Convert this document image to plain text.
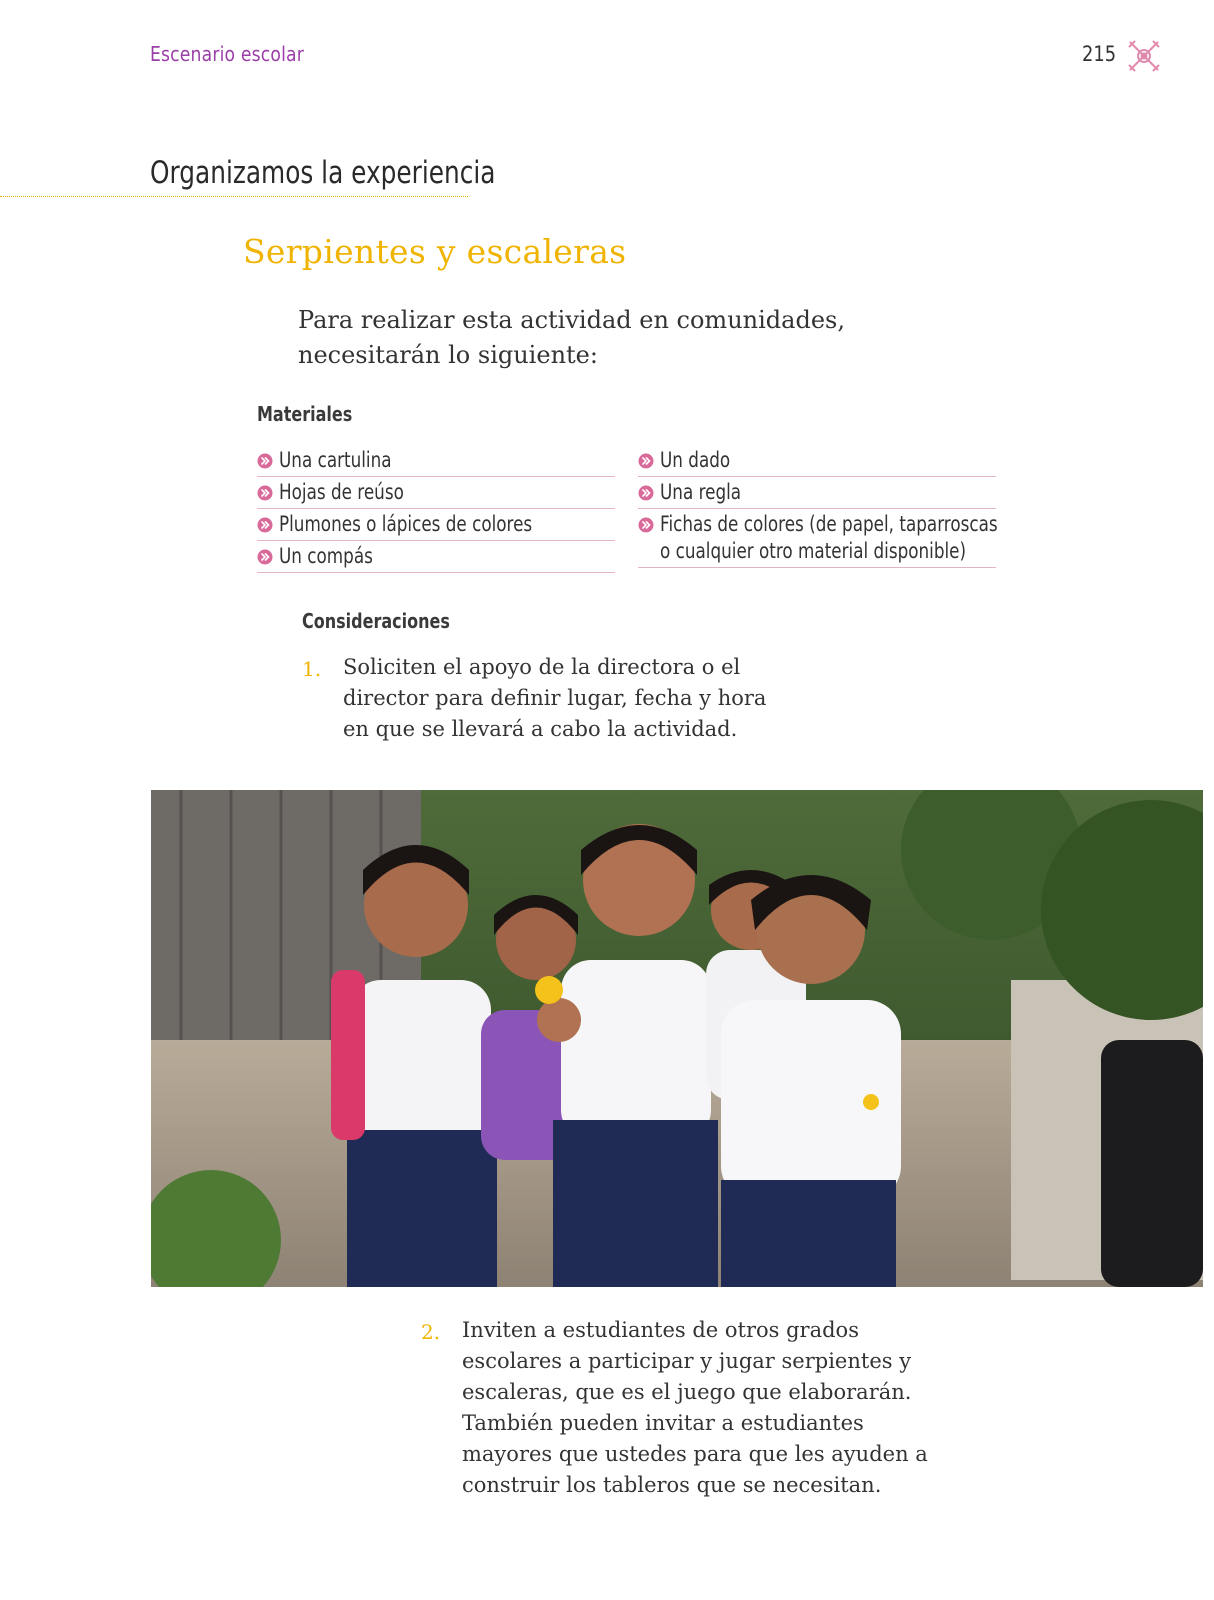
Escenario escolar	215
Organizamos la experiencia
Serpientes y escaleras
Para realizar esta actividad en comunidades, necesitarán lo siguiente:
Materiales
Una cartulina
Hojas de reúso
Plumones o lápices de colores
Un compás
Un dado
Una regla
Fichas de colores (de papel, taparroscas
o cualquier otro material disponible)
Consideraciones
1. Soliciten el apoyo de la directora o el director para definir lugar, fecha y hora en que se llevará a cabo la actividad.
2. Inviten a estudiantes de otros grados escolares a participar y jugar serpientes y escaleras, que es el juego que elaborarán. También pueden invitar a estudiantes mayores que ustedes para que les ayuden a construir los tableros que se necesitan.
